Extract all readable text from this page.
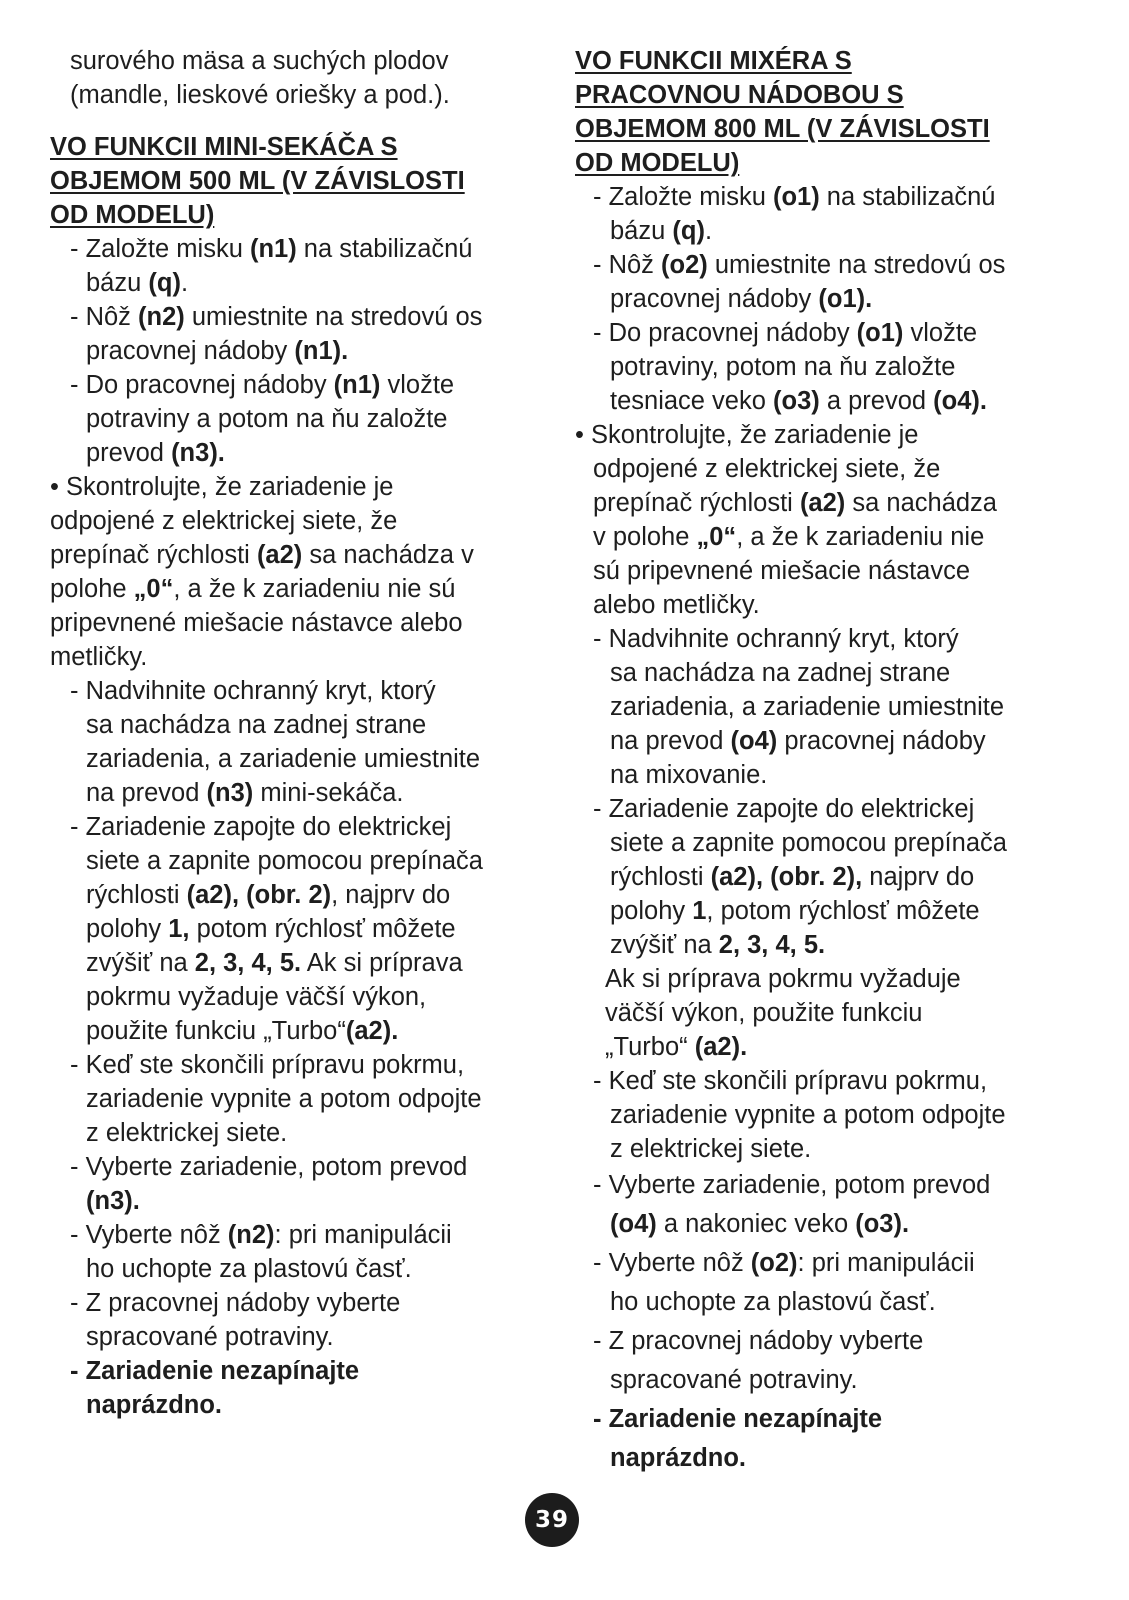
surového mäsa a suchých plodov
(mandle, lieskové oriešky a pod.).
VO FUNKCII MINI-SEKÁČA S
OBJEMOM 500 ML (V ZÁVISLOSTI
OD MODELU)
- Založte misku (n1) na stabilizačnú
bázu (q).
- Nôž (n2) umiestnite na stredovú os
pracovnej nádoby (n1).
- Do pracovnej nádoby (n1) vložte
potraviny a potom na ňu založte
prevod (n3).
• Skontrolujte, že zariadenie je
odpojené z elektrickej siete, že
prepínač rýchlosti (a2) sa nachádza v
polohe „0“, a že k zariadeniu nie sú
pripevnené miešacie nástavce alebo
metličky.
- Nadvihnite ochranný kryt, ktorý
sa nachádza na zadnej strane
zariadenia, a zariadenie umiestnite
na prevod (n3) mini-sekáča.
- Zariadenie zapojte do elektrickej
siete a zapnite pomocou prepínača
rýchlosti (a2), (obr. 2), najprv do
polohy 1, potom rýchlosť môžete
zvýšiť na 2, 3, 4, 5. Ak si príprava
pokrmu vyžaduje väčší výkon,
použite funkciu „Turbo“(a2).
- Keď ste skončili prípravu pokrmu,
zariadenie vypnite a potom odpojte
z elektrickej siete.
- Vyberte zariadenie, potom prevod
(n3).
- Vyberte nôž (n2): pri manipulácii
ho uchopte za plastovú časť.
- Z pracovnej nádoby vyberte
spracované potraviny.
- Zariadenie nezapínajte
naprázdno.
VO FUNKCII MIXÉRA S
PRACOVNOU NÁDOBOU S
OBJEMOM 800 ML (V ZÁVISLOSTI
OD MODELU)
- Založte misku (o1) na stabilizačnú
bázu (q).
- Nôž (o2) umiestnite na stredovú os
pracovnej nádoby (o1).
- Do pracovnej nádoby (o1) vložte
potraviny, potom na ňu založte
tesniace veko (o3) a prevod (o4).
• Skontrolujte, že zariadenie je
odpojené z elektrickej siete, že
prepínač rýchlosti (a2) sa nachádza
v polohe „0“, a že k zariadeniu nie
sú pripevnené miešacie nástavce
alebo metličky.
- Nadvihnite ochranný kryt, ktorý
sa nachádza na zadnej strane
zariadenia, a zariadenie umiestnite
na prevod (o4) pracovnej nádoby
na mixovanie.
- Zariadenie zapojte do elektrickej
siete a zapnite pomocou prepínača
rýchlosti (a2), (obr. 2), najprv do
polohy 1, potom rýchlosť môžete
zvýšiť na 2, 3, 4, 5.
Ak si príprava pokrmu vyžaduje
väčší výkon, použite funkciu
„Turbo“ (a2).
- Keď ste skončili prípravu pokrmu,
zariadenie vypnite a potom odpojte
z elektrickej siete.
- Vyberte zariadenie, potom prevod
(o4) a nakoniec veko (o3).
- Vyberte nôž (o2): pri manipulácii
ho uchopte za plastovú časť.
- Z pracovnej nádoby vyberte
spracované potraviny.
- Zariadenie nezapínajte
naprázdno.
39
